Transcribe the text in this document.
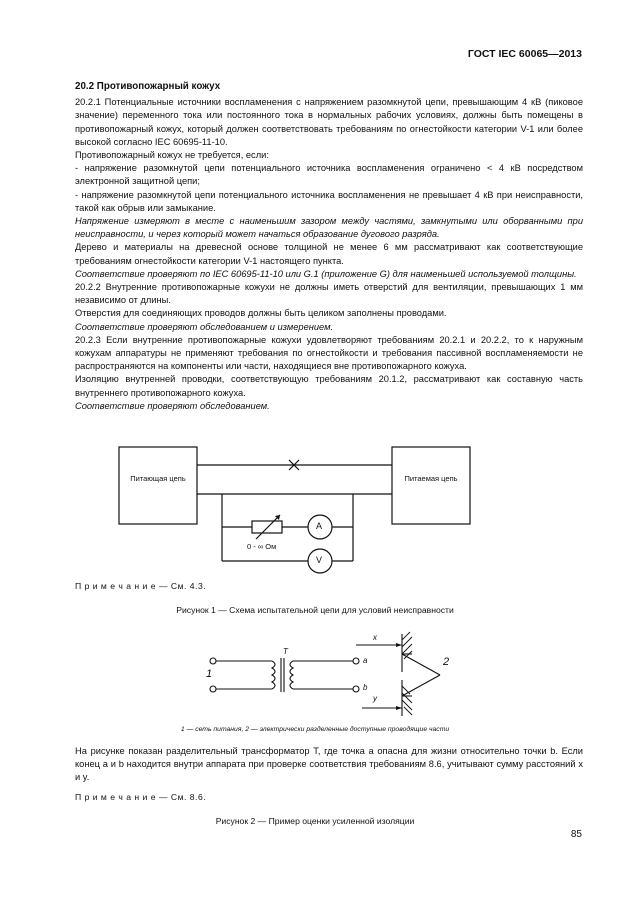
ГОСТ IEC 60065—2013
20.2 Противопожарный кожух

20.2.1 Потенциальные источники воспламенения с напряжением разомкнутой цепи, превышающим 4 кВ (пиковое значение) переменного тока или постоянного тока в нормальных рабочих условиях, должны быть помещены в противопожарный кожух, который должен соответствовать требованиям по огнестойкости категории V-1 или более высокой согласно IEC 60695-11-10.

Противопожарный кожух не требуется, если:

- напряжение разомкнутой цепи потенциального источника воспламенения ограничено < 4 кВ посредством электронной защитной цепи;

- напряжение разомкнутой цепи потенциального источника воспламенения не превышает 4 кВ при неисправности, такой как обрыв или замыкание.

Напряжение измеряют в месте с наименьшим зазором между частями, замкнутыми или оборванными при неисправности, и через который может начаться образование дугового разряда.

Дерево и материалы на древесной основе толщиной не менее 6 мм рассматривают как соответствующие требованиям огнестойкости категории V-1 настоящего пункта.

Соответствие проверяют по IEC 60695-11-10 или G.1 (приложение G) для наименьшей используемой толщины.

20.2.2 Внутренние противопожарные кожухи не должны иметь отверстий для вентиляции, превышающих 1 мм независимо от длины.

Отверстия для соединяющих проводов должны быть целиком заполнены проводами.

Соответствие проверяют обследованием и измерением.

20.2.3 Если внутренние противопожарные кожухи удовлетворяют требованиям 20.2.1 и 20.2.2, то к наружным кожухам аппаратуры не применяют требования по огнестойкости и требования пассивной воспламеняемости не распространяются на компоненты или части, находящиеся вне противопожарного кожуха.

Изоляцию внутренней проводки, соответствующую требованиям 20.1.2, рассматривают как составную часть внутреннего противопожарного кожуха.

Соответствие проверяют обследованием.

Питающая цепь	Питаемая цепь
0 - ∞ Ом
A
V
П р и м е ч а н и е — См. 4.3.
Рисунок 1 — Схема испытательной цепи для условий неисправности
T
a
b
x
y
1
2
1 — сеть питания, 2 — электрически разделенные доступные проводящие части
На рисунке показан разделительный трансформатор T, где точка a опасна для жизни относительно точки b. Если конец a и b находится внутри аппарата при проверке соответствия требованиям 8.6, учитывают сумму расстояний x и y.
П р и м е ч а н и е — См. 8.6.
Рисунок 2 — Пример оценки усиленной изоляции
85
